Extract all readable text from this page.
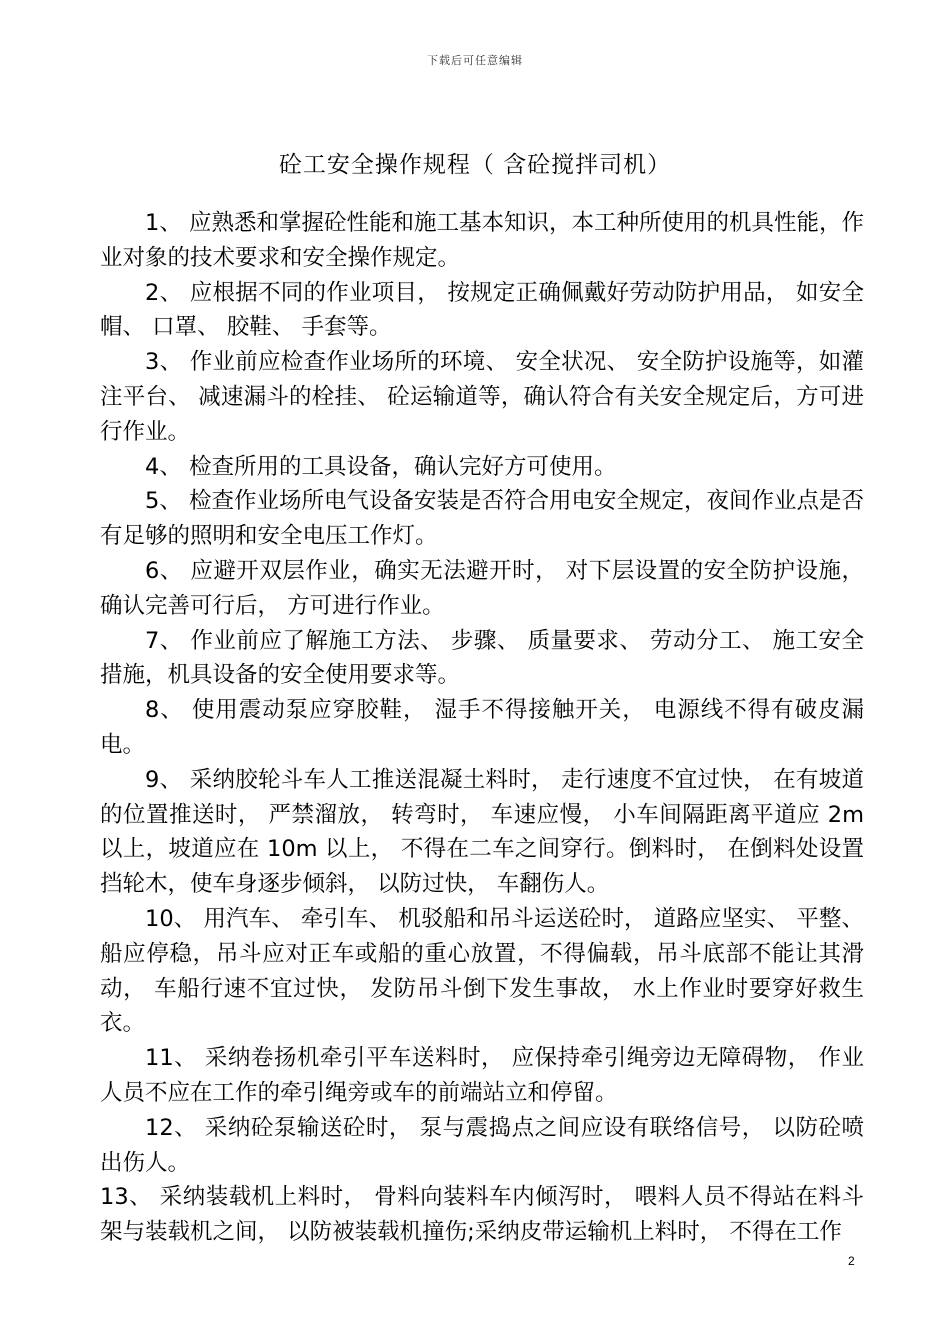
下载后可任意编辑
砼工安全操作规程（ 含砼搅拌司机）

1、 应熟悉和掌握砼性能和施工基本知识，本工种所使用的机具性能，作业对象的技术要求和安全操作规定。

2、 应根据不同的作业项目， 按规定正确佩戴好劳动防护用品， 如安全帽、 口罩、 胶鞋、 手套等。

3、 作业前应检查作业场所的环境、 安全状况、 安全防护设施等，如灌注平台、 减速漏斗的栓挂、 砼运输道等，确认符合有关安全规定后，方可进行作业。

4、 检查所用的工具设备，确认完好方可使用。

5、 检查作业场所电气设备安装是否符合用电安全规定，夜间作业点是否有足够的照明和安全电压工作灯。

6、 应避开双层作业，确实无法避开时， 对下层设置的安全防护设施，确认完善可行后， 方可进行作业。

7、 作业前应了解施工方法、 步骤、 质量要求、 劳动分工、 施工安全措施，机具设备的安全使用要求等。

8、 使用震动泵应穿胶鞋， 湿手不得接触开关， 电源线不得有破皮漏电。

9、 采纳胶轮斗车人工推送混凝土料时， 走行速度不宜过快， 在有坡道的位置推送时， 严禁溜放， 转弯时， 车速应慢， 小车间隔距离平道应 2m 以上，坡道应在 10m 以上， 不得在二车之间穿行。倒料时， 在倒料处设置挡轮木，使车身逐步倾斜， 以防过快， 车翻伤人。

10、 用汽车、 牵引车、 机驳船和吊斗运送砼时， 道路应坚实、 平整、 船应停稳，吊斗应对正车或船的重心放置，不得偏载，吊斗底部不能让其滑动， 车船行速不宜过快， 发防吊斗倒下发生事故， 水上作业时要穿好救生衣。

11、 采纳卷扬机牵引平车送料时， 应保持牵引绳旁边无障碍物， 作业人员不应在工作的牵引绳旁或车的前端站立和停留。

12、 采纳砼泵输送砼时， 泵与震捣点之间应设有联络信号， 以防砼喷出伤人。

13、 采纳装载机上料时， 骨料向装料车内倾泻时， 喂料人员不得站在料斗架与装载机之间， 以防被装载机撞伤;采纳皮带运输机上料时， 不得在工作

2
